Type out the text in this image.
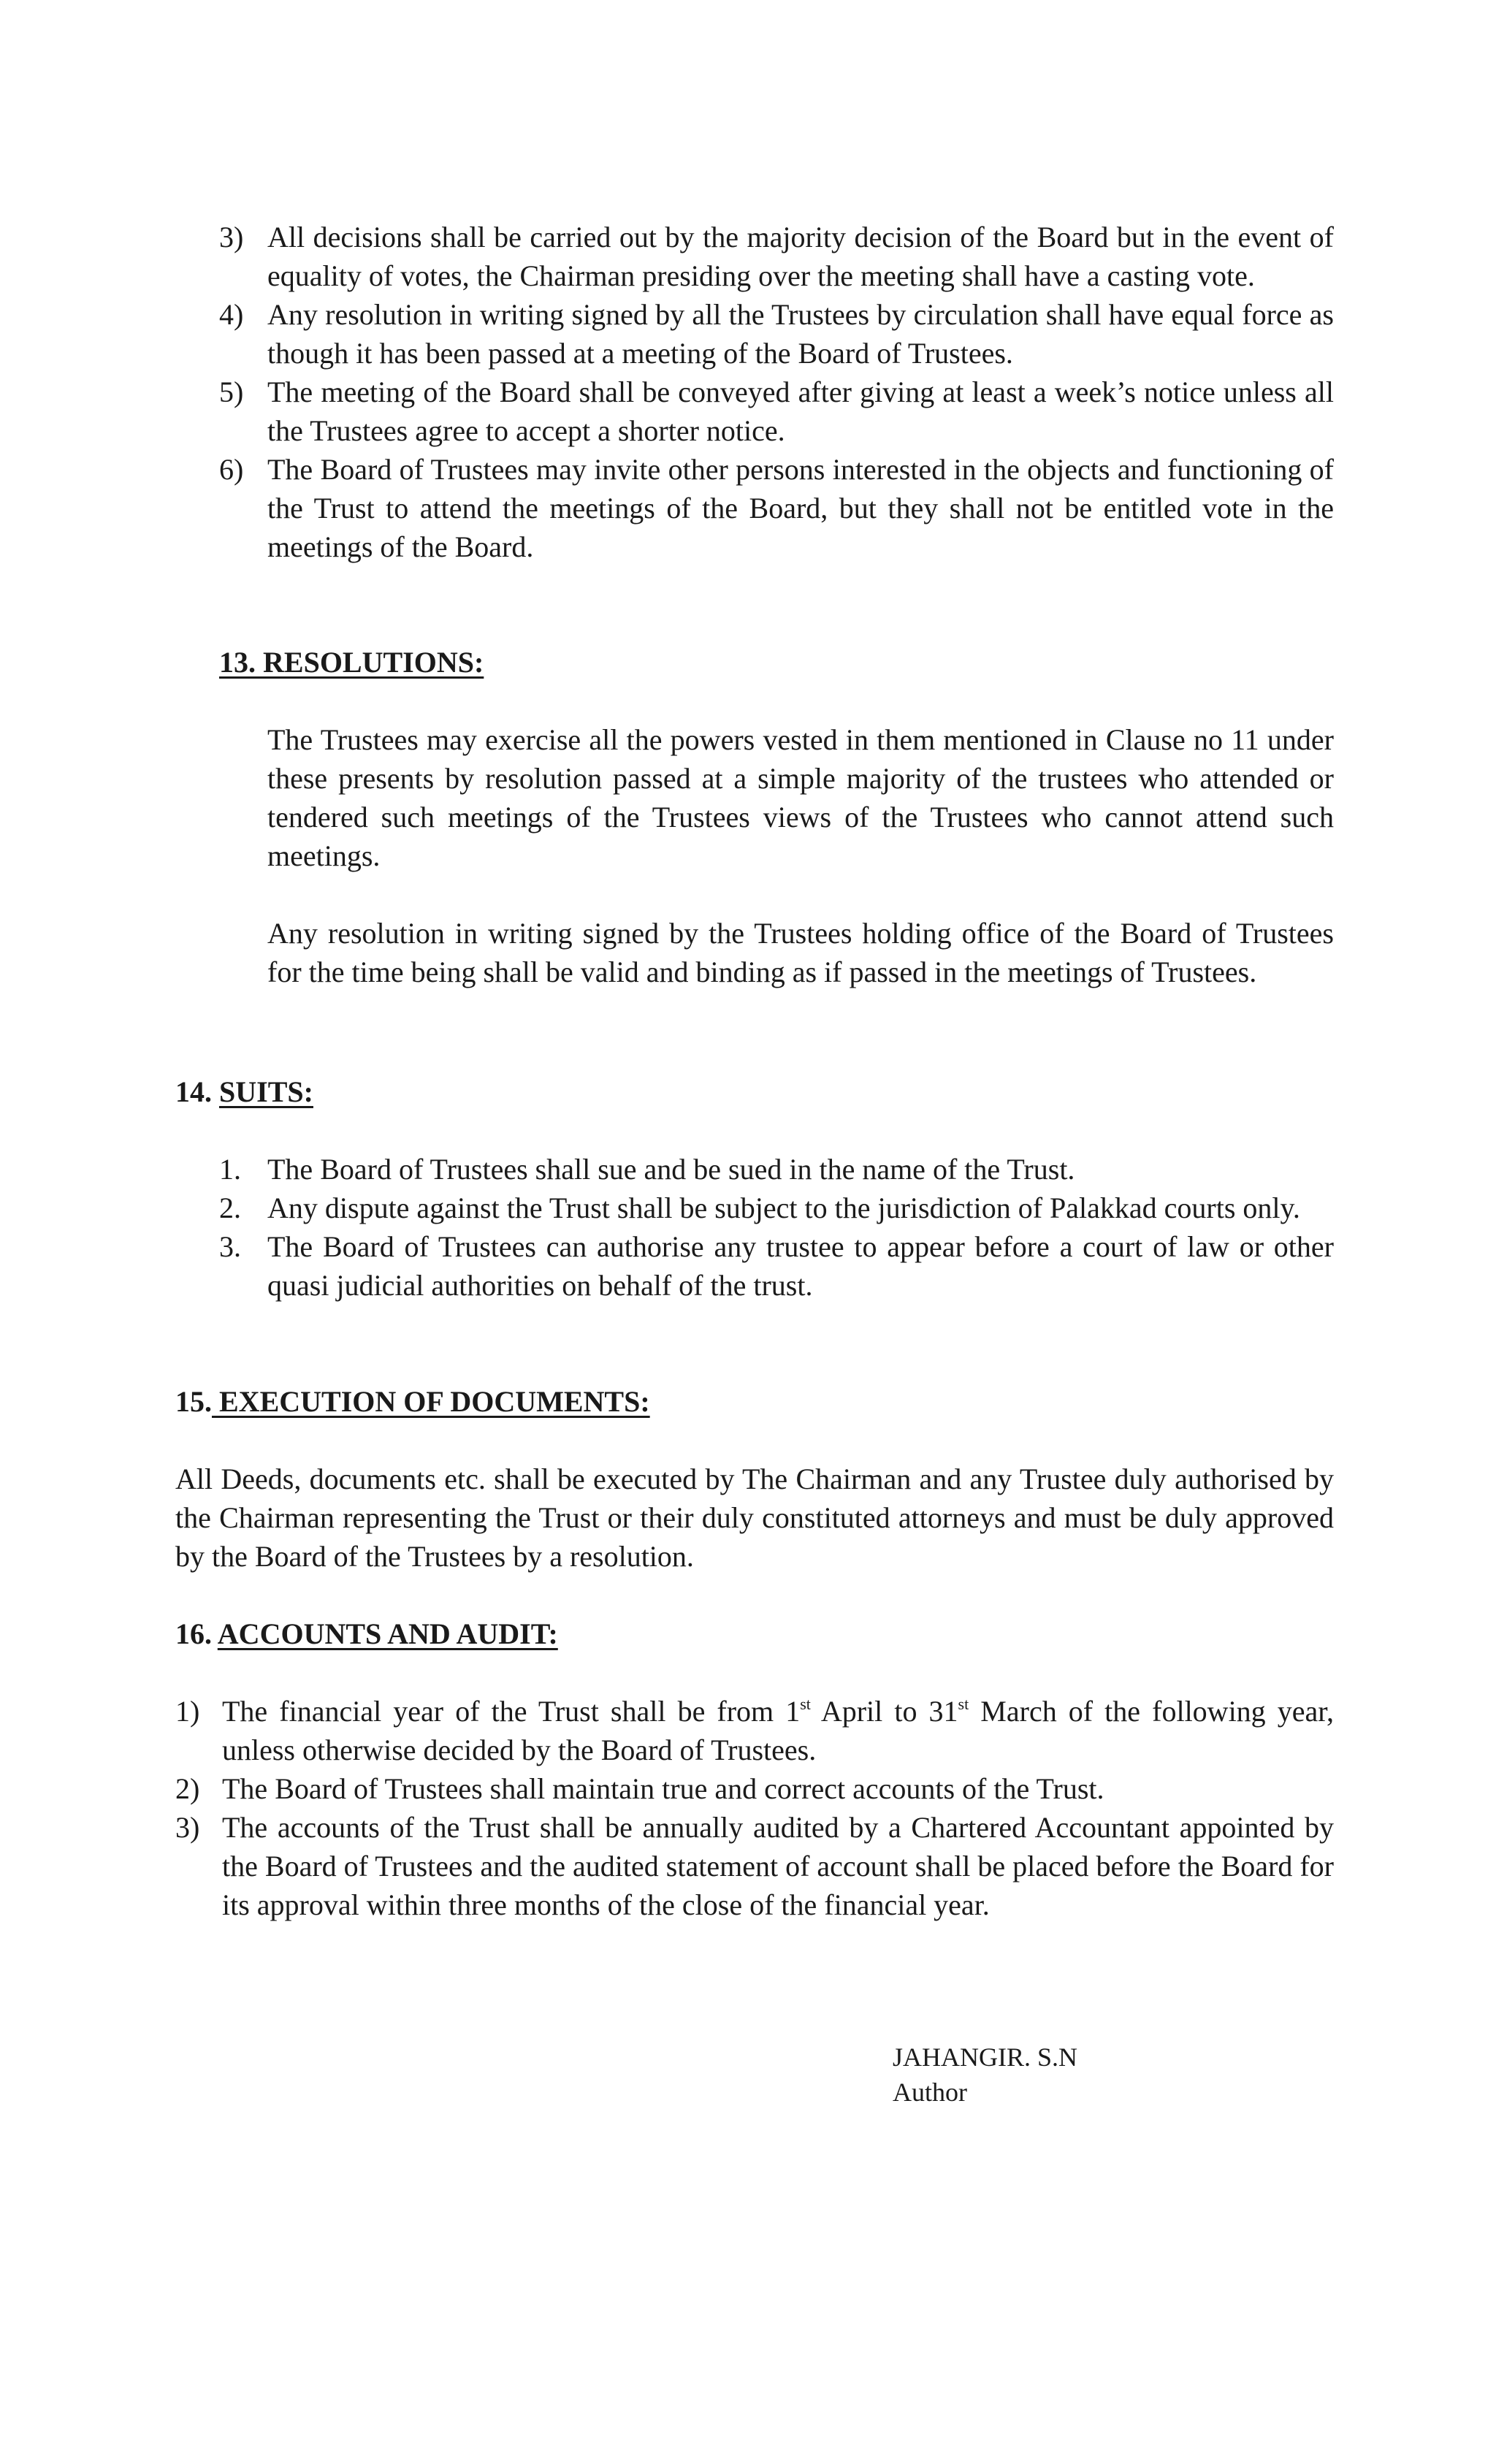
3) All decisions shall be carried out by the majority decision of the Board but in the event of equality of votes, the Chairman presiding over the meeting shall have a casting vote.
4) Any resolution in writing signed by all the Trustees by circulation shall have equal force as though it has been passed at a meeting of the Board of Trustees.
5) The meeting of the Board shall be conveyed after giving at least a week’s notice unless all the Trustees agree to accept a shorter notice.
6) The Board of Trustees may invite other persons interested in the objects and functioning of the Trust to attend the meetings of the Board, but they shall not be entitled vote in the meetings of the Board.
13. RESOLUTIONS:

The Trustees may exercise all the powers vested in them mentioned in Clause no 11 under these presents by resolution passed at a simple majority of the trustees who attended or tendered such meetings of the Trustees views of the Trustees who cannot attend such meetings.

Any resolution in writing signed by the Trustees holding office of the Board of Trustees for the time being shall be valid and binding as if passed in the meetings of Trustees.

14. SUITS:
1. The Board of Trustees shall sue and be sued in the name of the Trust.
2. Any dispute against the Trust shall be subject to the jurisdiction of Palakkad courts only.
3. The Board of Trustees can authorise any trustee to appear before a court of law or other quasi judicial authorities on behalf of the trust.
15. EXECUTION OF DOCUMENTS:

All Deeds, documents etc. shall be executed by The Chairman and any Trustee duly authorised by the Chairman representing the Trust or their duly constituted attorneys and must be duly approved by the Board of the Trustees by a resolution.

16. ACCOUNTS AND AUDIT:
1) The financial year of the Trust shall be from 1st April to 31st March of the following year, unless otherwise decided by the Board of Trustees.
2) The Board of Trustees shall maintain true and correct accounts of the Trust.
3) The accounts of the Trust shall be annually audited by a Chartered Accountant appointed by the Board of Trustees and the audited statement of account shall be placed before the Board for its approval within three months of the close of the financial year.
JAHANGIR. S.N
Author
